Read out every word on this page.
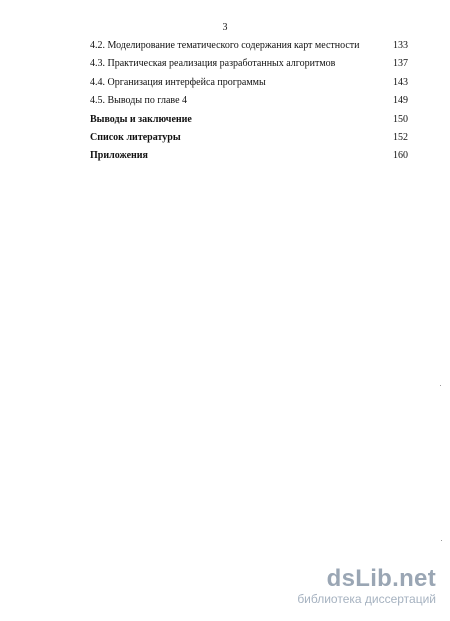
3
4.2. Моделирование тематического содержания карт местности	133
4.3. Практическая реализация разработанных алгоритмов	137
4.4. Организация интерфейса программы	143
4.5. Выводы по главе 4	149
Выводы и заключение	150
Список литературы	152
Приложения	160
dsLib.net
библиотека диссертаций
